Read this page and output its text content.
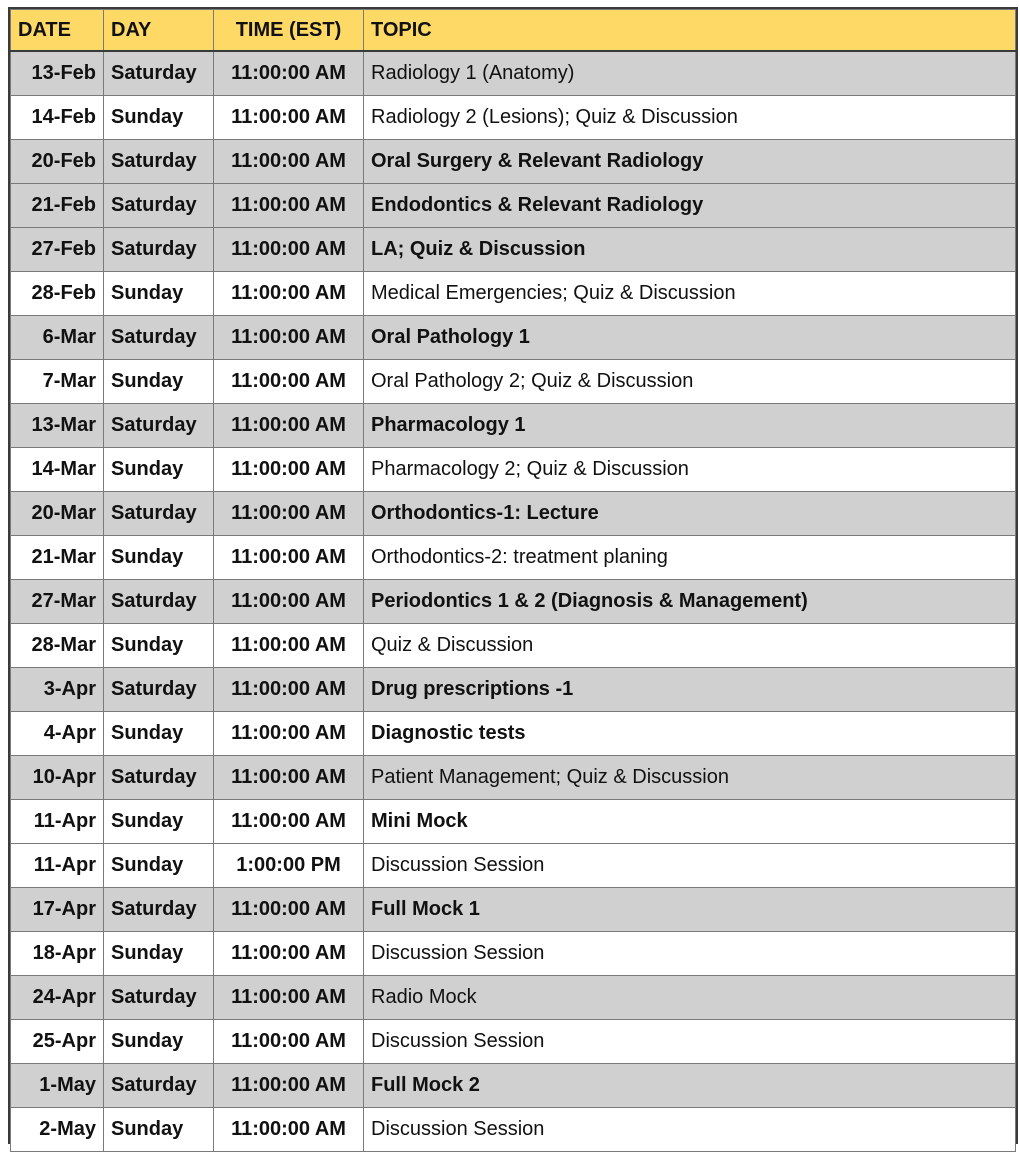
DATE	DAY	TIME (EST)	TOPIC
13-Feb	Saturday	11:00:00 AM	Radiology 1 (Anatomy)
14-Feb	Sunday	11:00:00 AM	Radiology 2 (Lesions); Quiz & Discussion
20-Feb	Saturday	11:00:00 AM	Oral Surgery & Relevant Radiology
21-Feb	Saturday	11:00:00 AM	Endodontics & Relevant Radiology
27-Feb	Saturday	11:00:00 AM	LA; Quiz & Discussion
28-Feb	Sunday	11:00:00 AM	Medical Emergencies; Quiz & Discussion
6-Mar	Saturday	11:00:00 AM	Oral Pathology 1
7-Mar	Sunday	11:00:00 AM	Oral Pathology 2; Quiz & Discussion
13-Mar	Saturday	11:00:00 AM	Pharmacology 1
14-Mar	Sunday	11:00:00 AM	Pharmacology 2; Quiz & Discussion
20-Mar	Saturday	11:00:00 AM	Orthodontics-1: Lecture
21-Mar	Sunday	11:00:00 AM	Orthodontics-2: treatment planing
27-Mar	Saturday	11:00:00 AM	Periodontics 1 & 2 (Diagnosis & Management)
28-Mar	Sunday	11:00:00 AM	Quiz & Discussion
3-Apr	Saturday	11:00:00 AM	Drug prescriptions -1
4-Apr	Sunday	11:00:00 AM	Diagnostic tests
10-Apr	Saturday	11:00:00 AM	Patient Management; Quiz & Discussion
11-Apr	Sunday	11:00:00 AM	Mini Mock
11-Apr	Sunday	1:00:00 PM	Discussion Session
17-Apr	Saturday	11:00:00 AM	Full Mock 1
18-Apr	Sunday	11:00:00 AM	Discussion Session
24-Apr	Saturday	11:00:00 AM	Radio Mock
25-Apr	Sunday	11:00:00 AM	Discussion Session
1-May	Saturday	11:00:00 AM	Full Mock 2
2-May	Sunday	11:00:00 AM	Discussion Session
